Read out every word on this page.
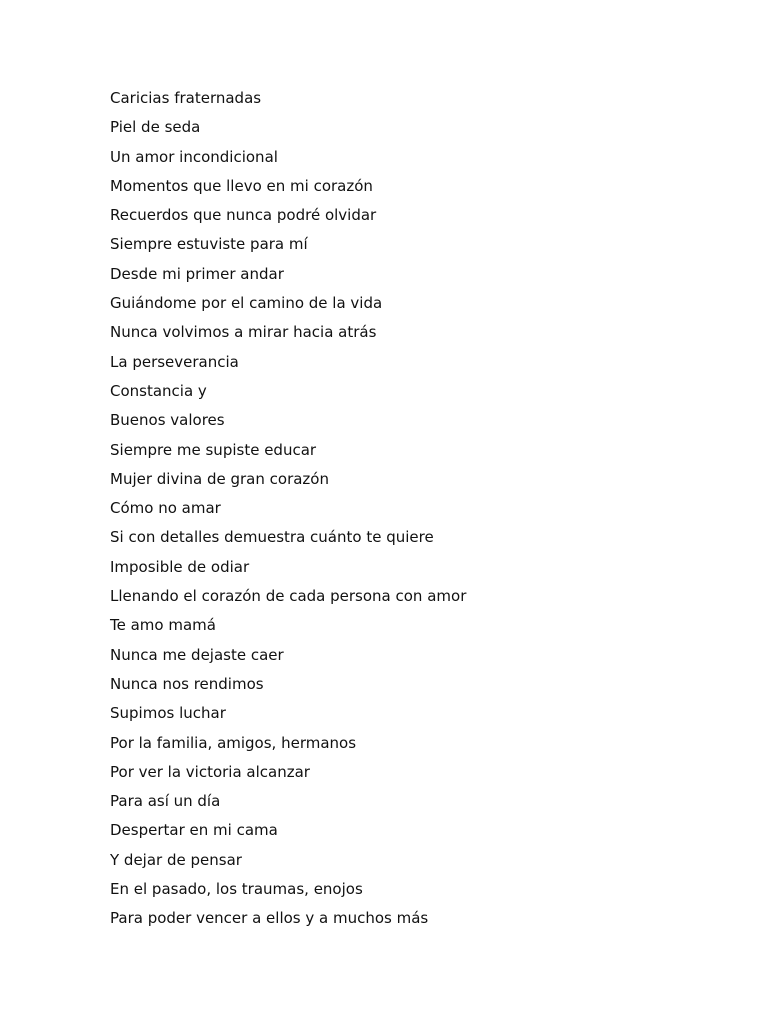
Caricias fraternadas
Piel de seda
Un amor incondicional
Momentos que llevo en mi corazón
Recuerdos que nunca podré olvidar
Siempre estuviste para mí
Desde mi primer andar
Guiándome por el camino de la vida
Nunca volvimos a mirar hacia atrás
La perseverancia
Constancia y
Buenos valores
Siempre me supiste educar
Mujer divina de gran corazón
Cómo no amar
Si con detalles demuestra cuánto te quiere
Imposible de odiar
Llenando el corazón de cada persona con amor
Te amo mamá
Nunca me dejaste caer
Nunca nos rendimos
Supimos luchar
Por la familia, amigos, hermanos
Por ver la victoria alcanzar
Para así un día
Despertar en mi cama
Y dejar de pensar
En el pasado, los traumas, enojos
Para poder vencer a ellos y a muchos más
